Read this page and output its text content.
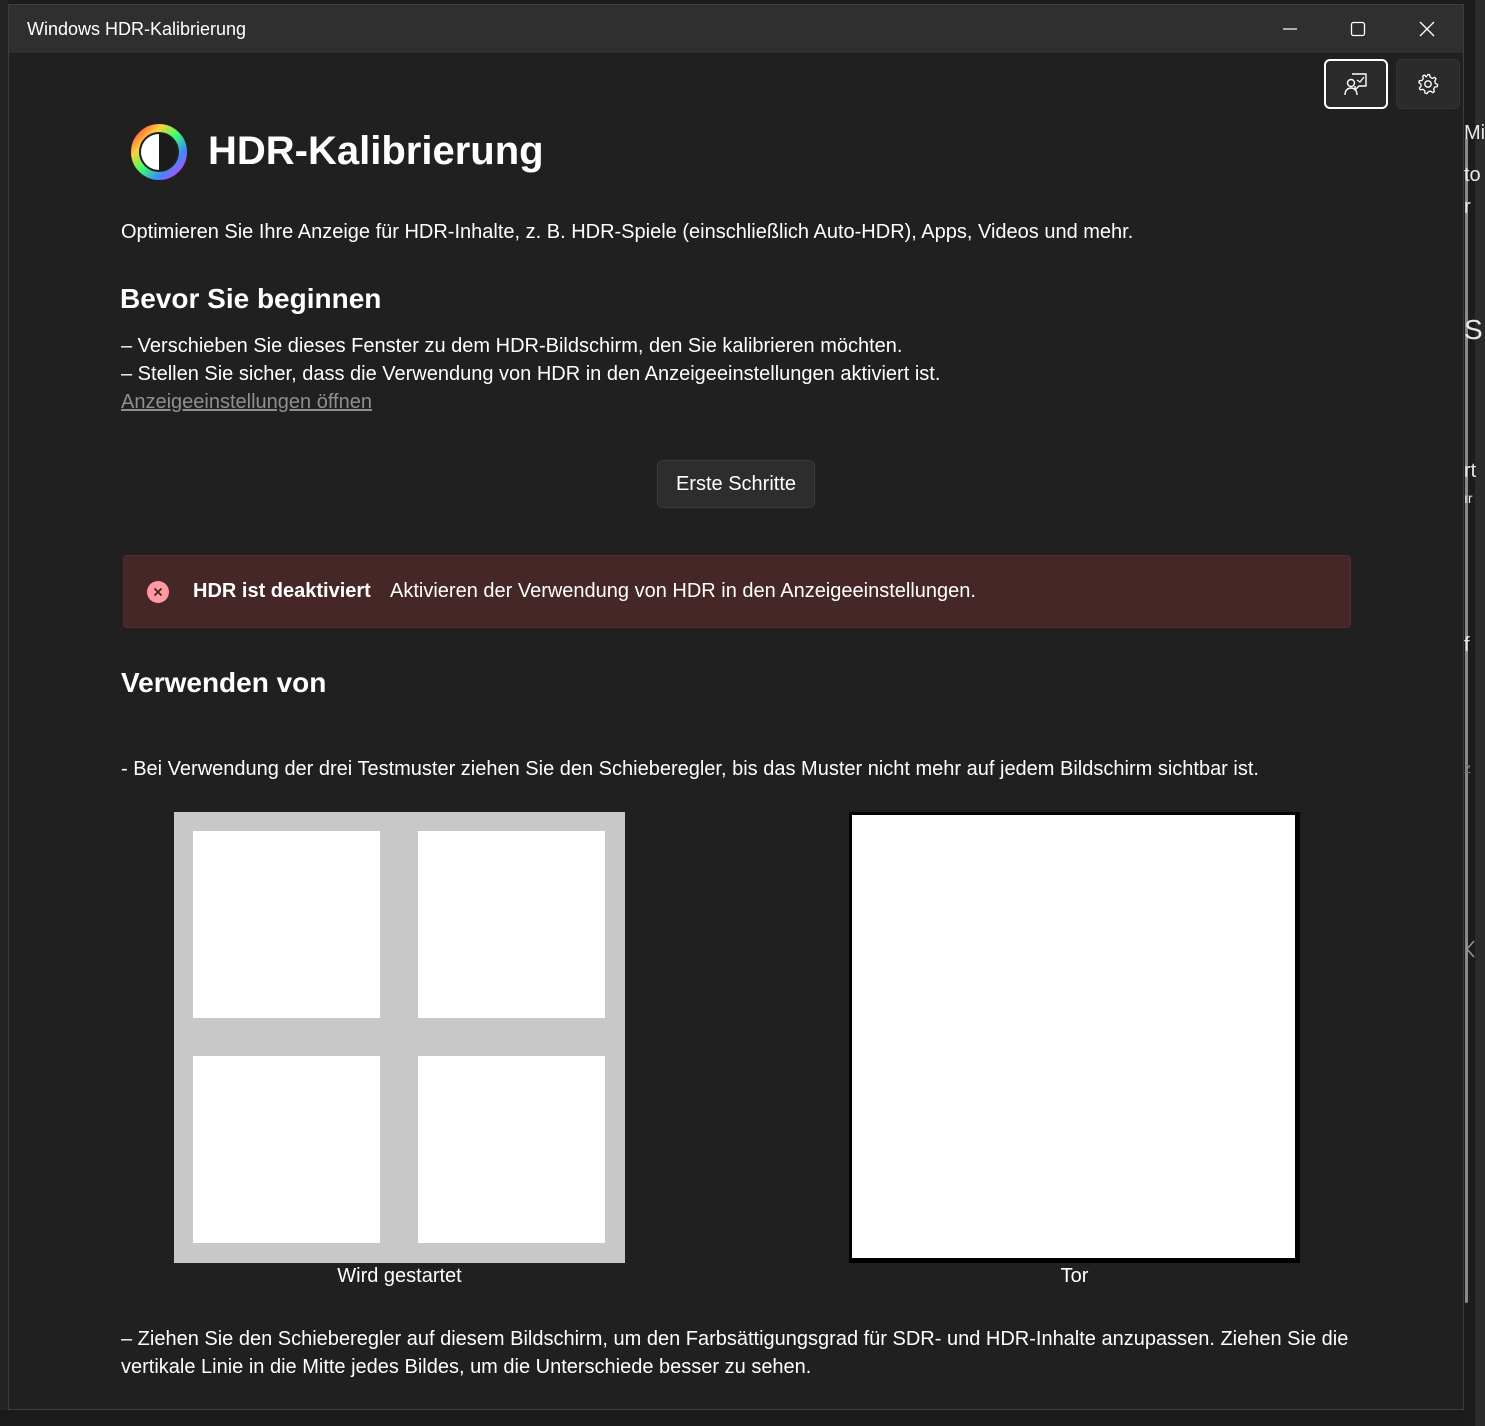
Mi
to
r
S
rt
ır
f
z
Windows HDR-Kalibrierung
HDR-Kalibrierung
Optimieren Sie Ihre Anzeige für HDR-Inhalte, z. B. HDR-Spiele (einschließlich Auto-HDR), Apps, Videos und mehr.
Bevor Sie beginnen
– Verschieben Sie dieses Fenster zu dem HDR-Bildschirm, den Sie kalibrieren möchten.
– Stellen Sie sicher, dass die Verwendung von HDR in den Anzeigeeinstellungen aktiviert ist.
Anzeigeeinstellungen öffnen
Erste Schritte
HDR ist deaktiviert Aktivieren der Verwendung von HDR in den Anzeigeeinstellungen.
Verwenden von
- Bei Verwendung der drei Testmuster ziehen Sie den Schieberegler, bis das Muster nicht mehr auf jedem Bildschirm sichtbar ist.
Wird gestartet	Tor
– Ziehen Sie den Schieberegler auf diesem Bildschirm, um den Farbsättigungsgrad für SDR- und HDR-Inhalte anzupassen. Ziehen Sie die vertikale Linie in die Mitte jedes Bildes, um die Unterschiede besser zu sehen.
